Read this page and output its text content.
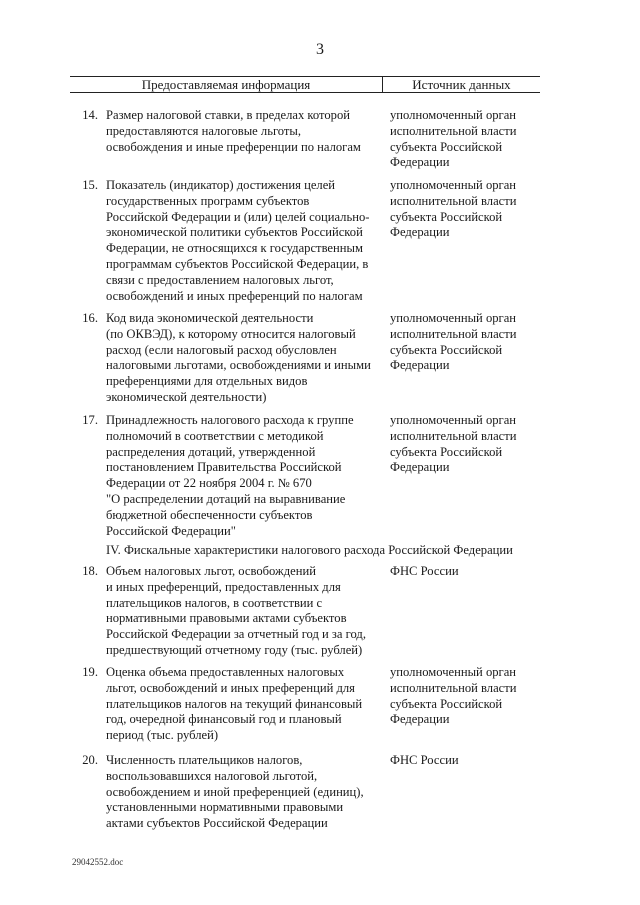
3
Предоставляемая информация	Источник данных
14. Размер налоговой ставки, в пределах которой
предоставляются налоговые льготы,
освобождения и иные преференции по налогам
уполномоченный орган
исполнительной власти
субъекта Российской
Федерации
15. Показатель (индикатор) достижения целей
государственных программ субъектов
Российской Федерации и (или) целей социально-
экономической политики субъектов Российской
Федерации, не относящихся к государственным
программам субъектов Российской Федерации, в
связи с предоставлением налоговых льгот,
освобождений и иных преференций по налогам
уполномоченный орган
исполнительной власти
субъекта Российской
Федерации
16. Код вида экономической деятельности
(по ОКВЭД), к которому относится налоговый
расход (если налоговый расход обусловлен
налоговыми льготами, освобождениями и иными
преференциями для отдельных видов
экономической деятельности)
уполномоченный орган
исполнительной власти
субъекта Российской
Федерации
17. Принадлежность налогового расхода к группе
полномочий в соответствии с методикой
распределения дотаций, утвержденной
постановлением Правительства Российской
Федерации от 22 ноября 2004 г. № 670
"О распределении дотаций на выравнивание
бюджетной обеспеченности субъектов
Российской Федерации"
уполномоченный орган
исполнительной власти
субъекта Российской
Федерации
IV. Фискальные характеристики налогового расхода Российской Федерации
18. Объем налоговых льгот, освобождений
и иных преференций, предоставленных для
плательщиков налогов, в соответствии с
нормативными правовыми актами субъектов
Российской Федерации за отчетный год и за год,
предшествующий отчетному году (тыс. рублей)
ФНС России
19. Оценка объема предоставленных налоговых
льгот, освобождений и иных преференций для
плательщиков налогов на текущий финансовый
год, очередной финансовый год и плановый
период (тыс. рублей)
уполномоченный орган
исполнительной власти
субъекта Российской
Федерации
20. Численность плательщиков налогов,
воспользовавшихся налоговой льготой,
освобождением и иной преференцией (единиц),
установленными нормативными правовыми
актами субъектов Российской Федерации
ФНС России
29042552.doc
